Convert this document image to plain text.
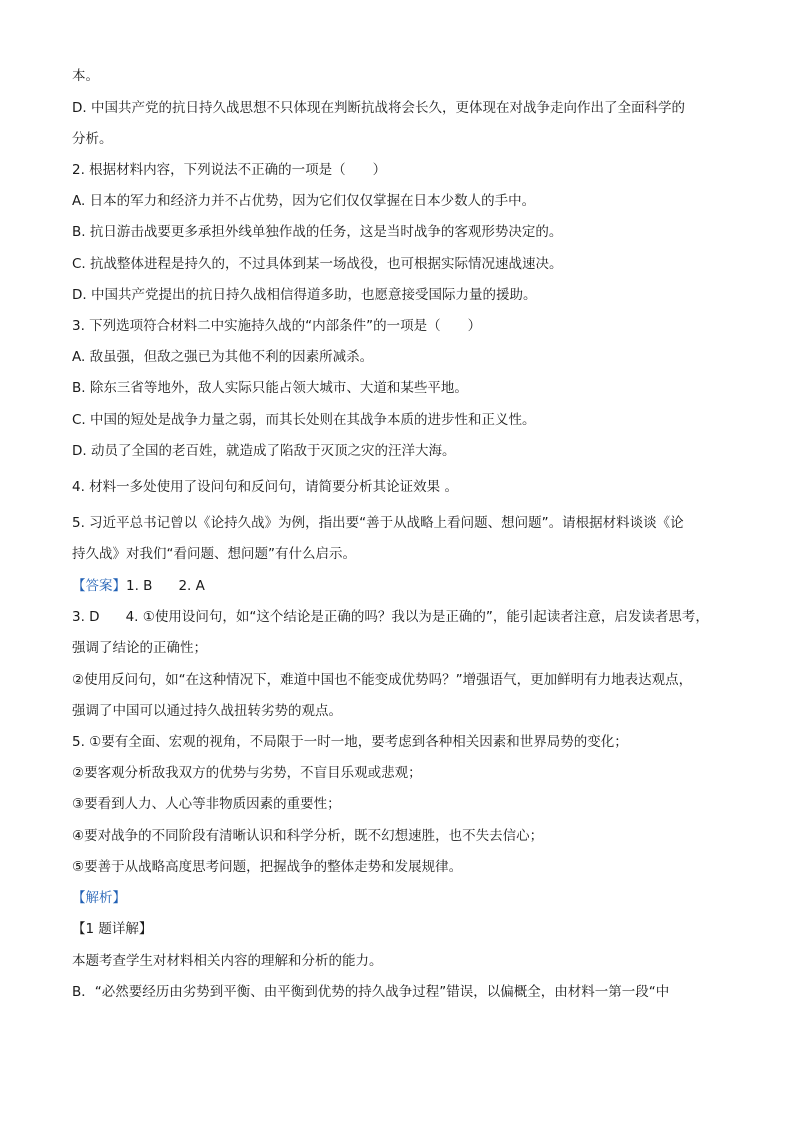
本。
D. 中国共产党的抗日持久战思想不只体现在判断抗战将会长久，更体现在对战争走向作出了全面科学的
分析。
2. 根据材料内容，下列说法不正确的一项是（　　）
A. 日本的军力和经济力并不占优势，因为它们仅仅掌握在日本少数人的手中。
B. 抗日游击战要更多承担外线单独作战的任务，这是当时战争的客观形势决定的。
C. 抗战整体进程是持久的，不过具体到某一场战役，也可根据实际情况速战速决。
D. 中国共产党提出的抗日持久战相信得道多助，也愿意接受国际力量的援助。
3. 下列选项符合材料二中实施持久战的“内部条件”的一项是（　　）
A. 敌虽强，但敌之强已为其他不利的因素所减杀。
B. 除东三省等地外，敌人实际只能占领大城市、大道和某些平地。
C. 中国的短处是战争力量之弱，而其长处则在其战争本质的进步性和正义性。
D. 动员了全国的老百姓，就造成了陷敌于灭顶之灾的汪洋大海。
4. 材料一多处使用了设问句和反问句，请简要分析其论证效果 。
5. 习近平总书记曾以《论持久战》为例，指出要“善于从战略上看问题、想问题”。请根据材料谈谈《论
持久战》对我们“看问题、想问题”有什么启示。
【答案】1. B 2. A
3. D 4. ①使用设问句，如“这个结论是正确的吗？我以为是正确的”，能引起读者注意，启发读者思考，
强调了结论的正确性；
②使用反问句，如“在这种情况下，难道中国也不能变成优势吗？”增强语气，更加鲜明有力地表达观点，
强调了中国可以通过持久战扭转劣势的观点。
5. ①要有全面、宏观的视角，不局限于一时一地，要考虑到各种相关因素和世界局势的变化；
②要客观分析敌我双方的优势与劣势，不盲目乐观或悲观；
③要看到人力、人心等非物质因素的重要性；
④要对战争的不同阶段有清晰认识和科学分析，既不幻想速胜，也不失去信心；
⑤要善于从战略高度思考问题，把握战争的整体走势和发展规律。
【解析】
【1 题详解】
本题考查学生对材料相关内容的理解和分析的能力。
B．“必然要经历由劣势到平衡、由平衡到优势的持久战争过程”错误，以偏概全，由材料一第一段“中
